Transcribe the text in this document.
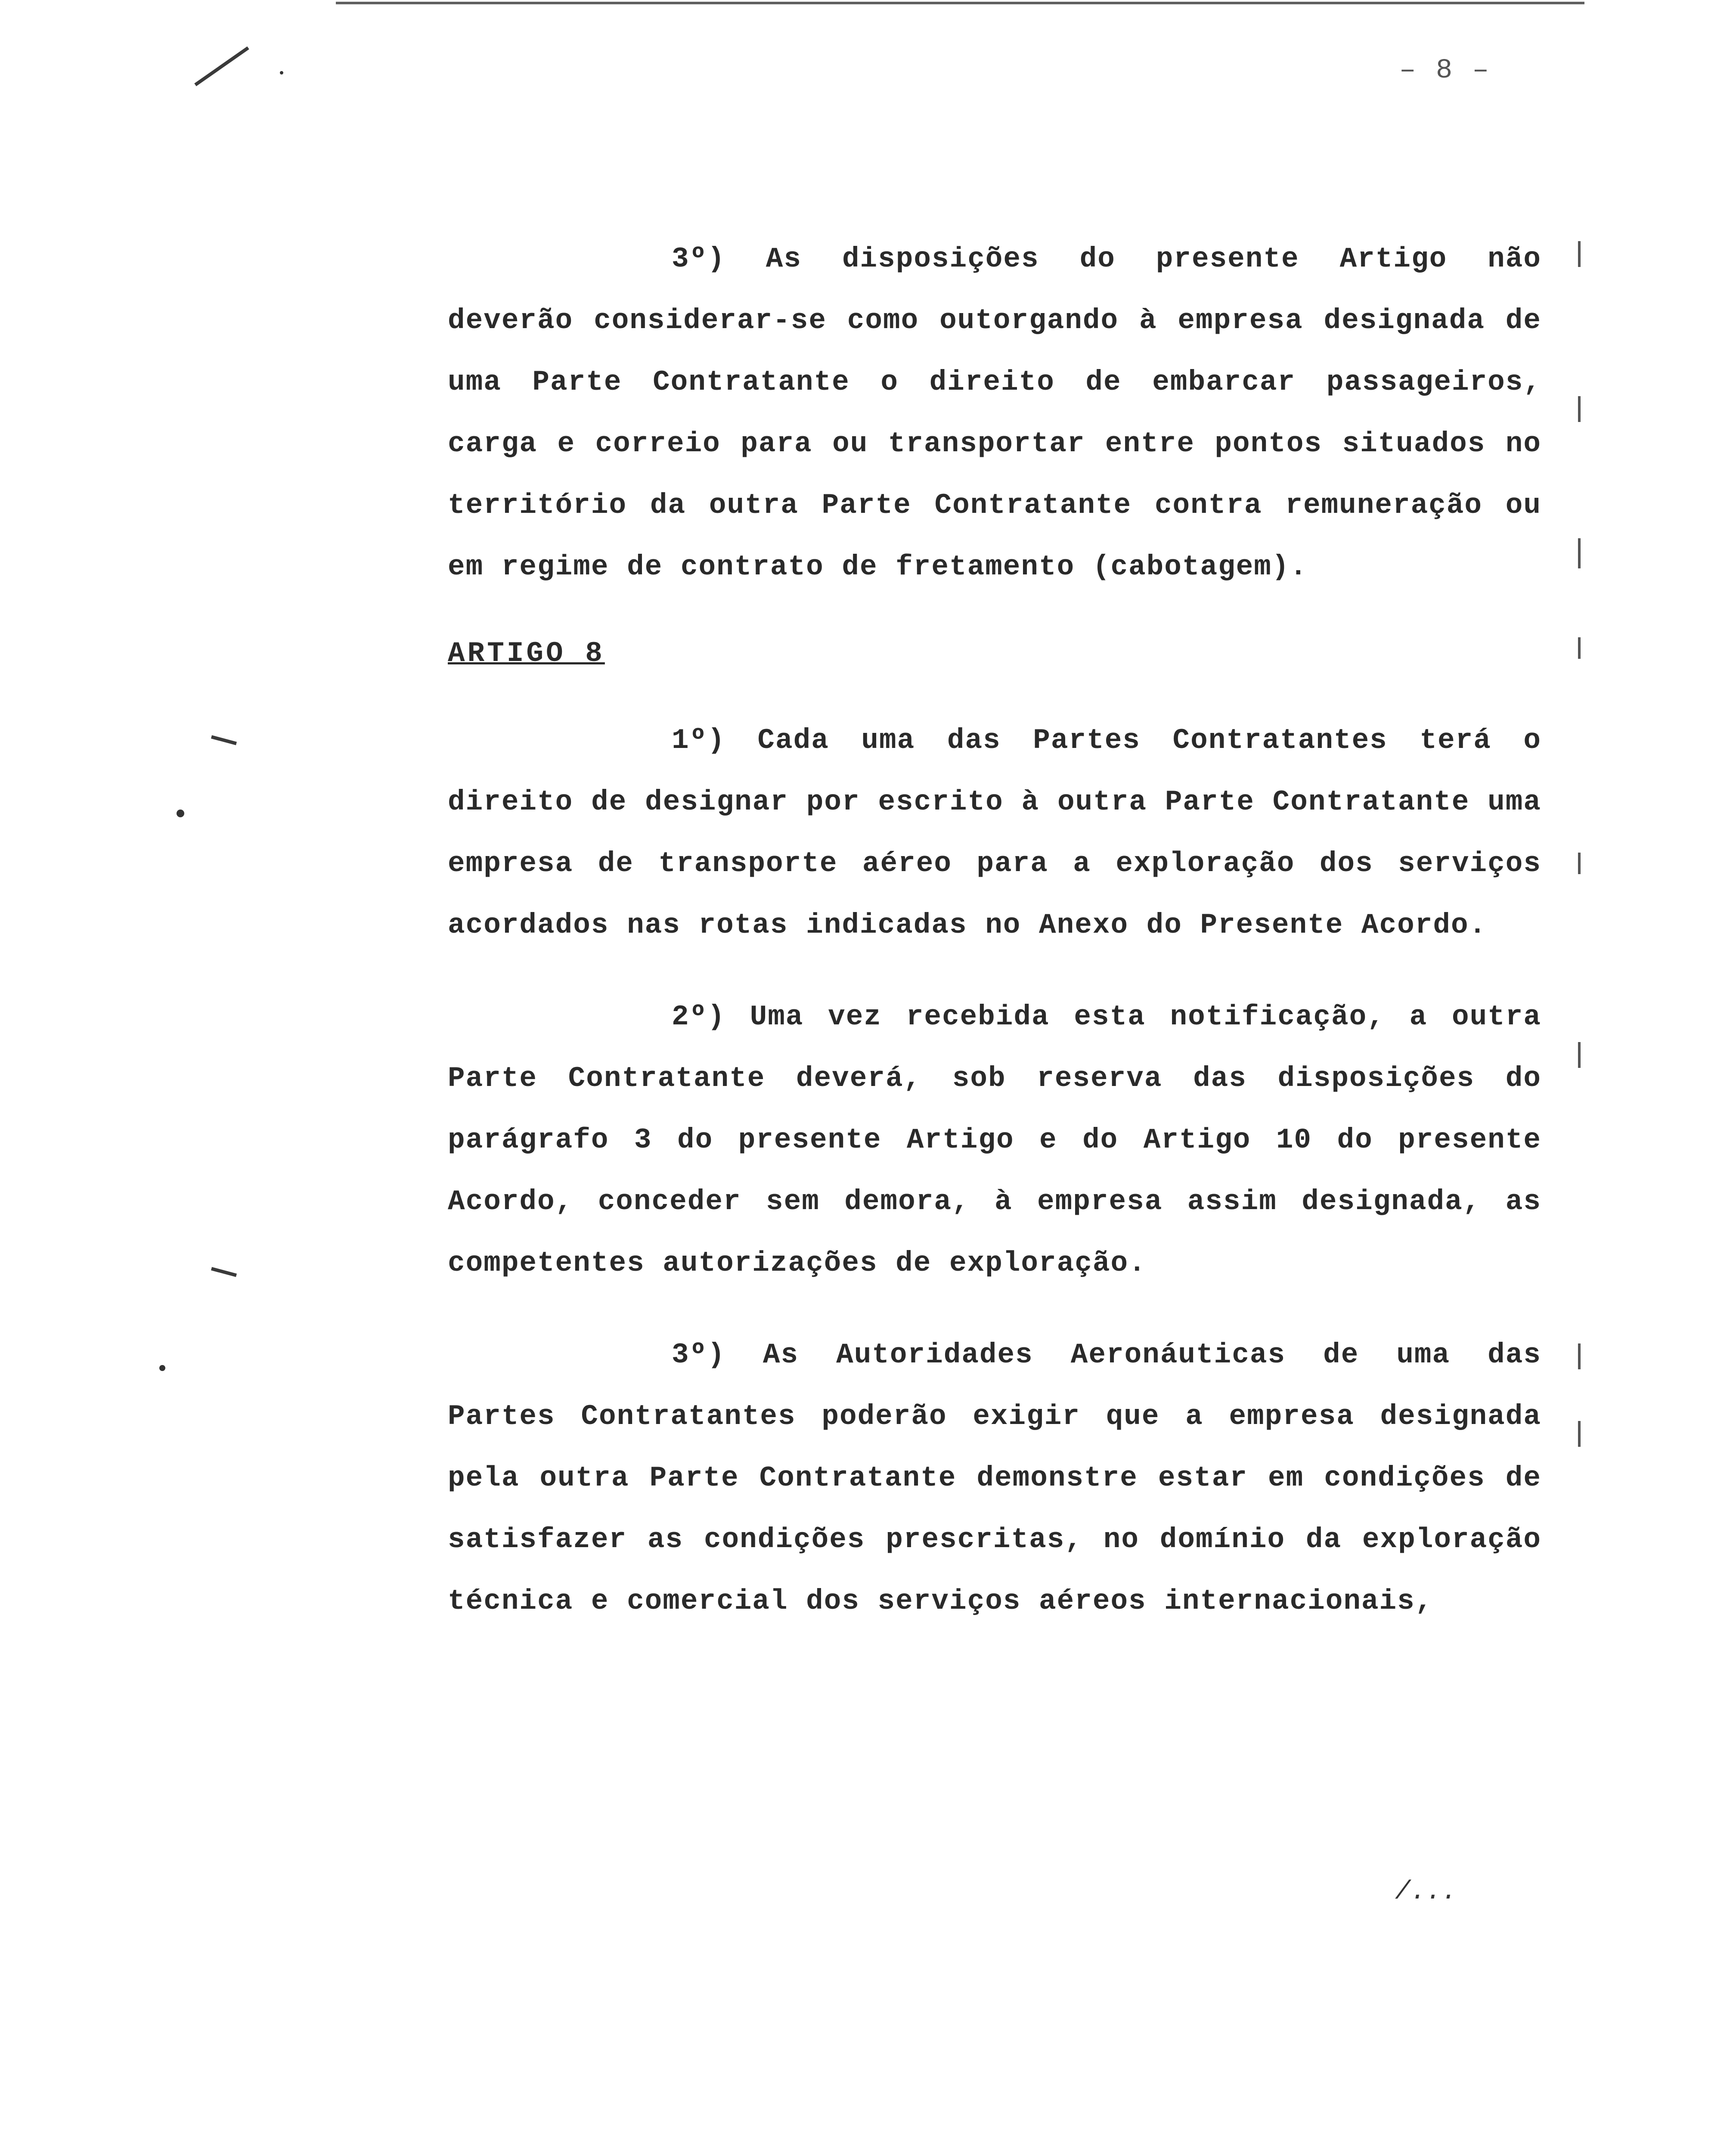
– 8 –

3º) As disposições do presente Artigo não deverão considerar-se como outorgando à empresa designada de uma Parte Contratante o direito de embarcar passageiros, carga e correio para ou transportar entre pontos situados no território da outra Parte Contratante contra remuneração ou em regime de contrato de fretamento (cabotagem).

ARTIGO 8

1º) Cada uma das Partes Contratantes terá o direito de designar por escrito à outra Parte Contratante uma empresa de transporte aéreo para a exploração dos serviços acordados nas rotas indicadas no Anexo do Presente Acordo.

2º) Uma vez recebida esta notificação, a outra Parte Contratante deverá, sob reserva das disposições do parágrafo 3 do presente Artigo e do Artigo 10 do presente Acordo, conceder sem demora, à empresa assim designada, as competentes autorizações de exploração.

3º) As Autoridades Aeronáuticas de uma das Partes Contratantes poderão exigir que a empresa designada pela outra Parte Contratante demonstre estar em condições de satisfazer as condições prescritas, no domínio da exploração técnica e comercial dos serviços aéreos internacionais,

/...
